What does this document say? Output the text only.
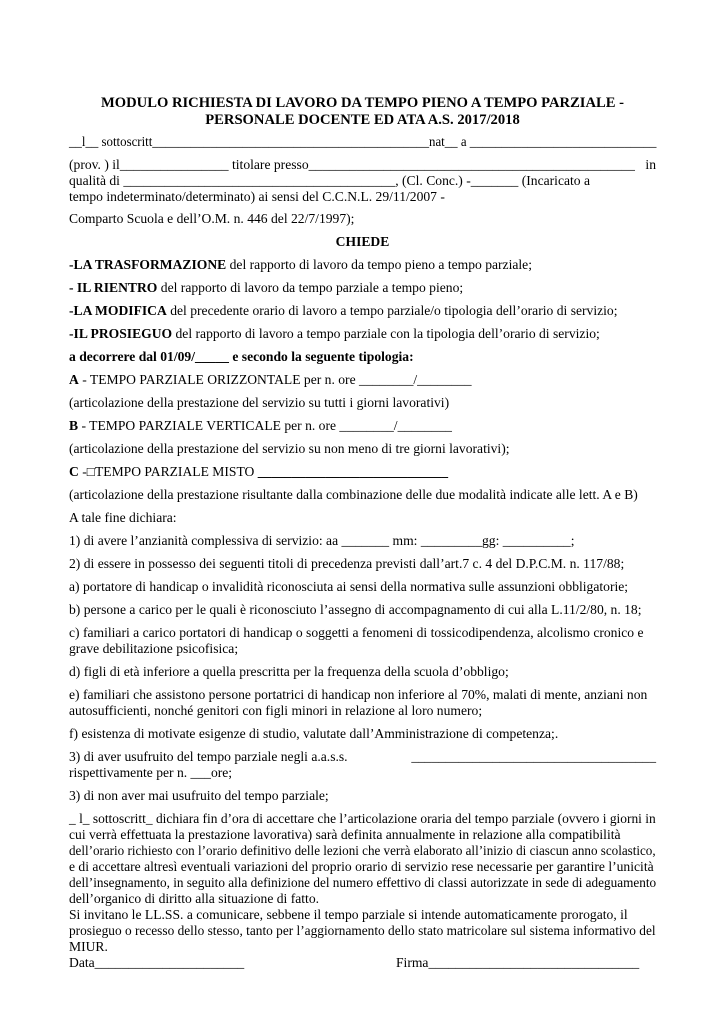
MODULO RICHIESTA DI LAVORO DA TEMPO PIENO A TEMPO PARZIALE -
PERSONALE DOCENTE ED ATA A.S. 2017/2018
__l__ sottoscritt___________________________________________nat__ a _____________________________
(prov. ) il________________ titolare presso________________________________________________ in
qualità di ________________________________________, (Cl. Conc.) -_______ (Incaricato a
tempo indeterminato/determinato) ai sensi del C.C.N.L. 29/11/2007 -
Comparto Scuola e dell’O.M. n. 446 del 22/7/1997);
CHIEDE
-LA TRASFORMAZIONE del rapporto di lavoro da tempo pieno a tempo parziale;
- IL RIENTRO del rapporto di lavoro da tempo parziale a tempo pieno;
-LA MODIFICA del precedente orario di lavoro a tempo parziale/o tipologia dell’orario di servizio;
-IL PROSIEGUO del rapporto di lavoro a tempo parziale con la tipologia dell’orario di servizio;
a decorrere dal 01/09/_____ e secondo la seguente tipologia:
A - TEMPO PARZIALE ORIZZONTALE per n. ore ________/________
(articolazione della prestazione del servizio su tutti i giorni lavorativi)
B - TEMPO PARZIALE VERTICALE per n. ore ________/________
(articolazione della prestazione del servizio su non meno di tre giorni lavorativi);
C -□TEMPO PARZIALE MISTO ____________________________
(articolazione della prestazione risultante dalla combinazione delle due modalità indicate alle lett. A e B)
A tale fine dichiara:
1) di avere l’anzianità complessiva di servizio: aa _______ mm: _________gg: __________;
2) di essere in possesso dei seguenti titoli di precedenza previsti dall’art.7 c. 4 del D.P.C.M. n. 117/88;
a) portatore di handicap o invalidità riconosciuta ai sensi della normativa sulle assunzioni obbligatorie;
b) persone a carico per le quali è riconosciuto l’assegno di accompagnamento di cui alla L.11/2/80, n. 18;
c) familiari a carico portatori di handicap o soggetti a fenomeni di tossicodipendenza, alcolismo cronico e
grave debilitazione psicofisica;
d) figli di età inferiore a quella prescritta per la frequenza della scuola d’obbligo;
e) familiari che assistono persone portatrici di handicap non inferiore al 70%, malati di mente, anziani non
autosufficienti, nonché genitori con figli minori in relazione al loro numero;
f) esistenza di motivate esigenze di studio, valutate dall’Amministrazione di competenza;.
3) di aver usufruito del tempo parziale negli a.a.s.s.	____________________________________
rispettivamente per n. ___ore;
3) di non aver mai usufruito del tempo parziale;
_ l_ sottoscritt_ dichiara fin d’ora di accettare che l’articolazione oraria del tempo parziale (ovvero i giorni in
cui verrà effettuata la prestazione lavorativa) sarà definita annualmente in relazione alla compatibilità
dell’orario richiesto con l’orario definitivo delle lezioni che verrà elaborato all’inizio di ciascun anno scolastico,
e di accettare altresì eventuali variazioni del proprio orario di servizio rese necessarie per garantire l’unicità
dell’insegnamento, in seguito alla definizione del numero effettivo di classi autorizzate in sede di adeguamento
dell’organico di diritto alla situazione di fatto.
Si invitano le LL.SS. a comunicare, sebbene il tempo parziale si intende automaticamente prorogato, il
prosieguo o recesso dello stesso, tanto per l’aggiornamento dello stato matricolare sul sistema informativo del
MIUR.
Data______________________	Firma_______________________________
